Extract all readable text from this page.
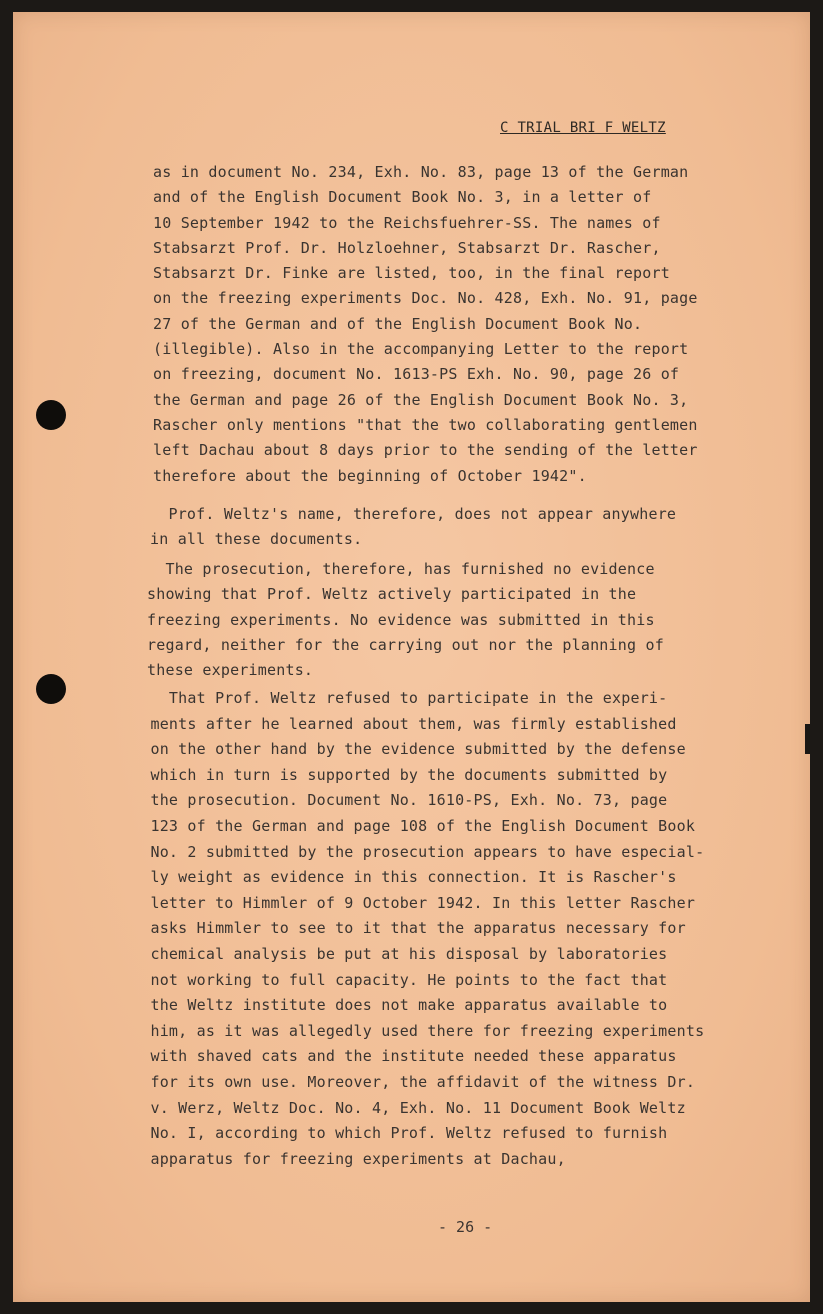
C TRIAL BRI F WELTZ
as in document No. 234, Exh. No. 83, page 13 of the German
and of the English Document Book No. 3, in a letter of
10 September 1942 to the Reichsfuehrer-SS. The names of
Stabsarzt Prof. Dr. Holzloehner, Stabsarzt Dr. Rascher,
Stabsarzt Dr. Finke are listed, too, in the final report
on the freezing experiments Doc. No. 428, Exh. No. 91, page
27 of the German and of the English Document Book No.
(illegible). Also in the accompanying Letter to the report
on freezing, document No. 1613-PS Exh. No. 90, page 26 of
the German and page 26 of the English Document Book No. 3,
Rascher only mentions "that the two collaborating gentlemen
left Dachau about 8 days prior to the sending of the letter
therefore about the beginning of October 1942".
Prof. Weltz's name, therefore, does not appear anywhere
in all these documents.
The prosecution, therefore, has furnished no evidence
showing that Prof. Weltz actively participated in the
freezing experiments. No evidence was submitted in this
regard, neither for the carrying out nor the planning of
these experiments.
That Prof. Weltz refused to participate in the experi-
ments after he learned about them, was firmly established
on the other hand by the evidence submitted by the defense
which in turn is supported by the documents submitted by
the prosecution. Document No. 1610-PS, Exh. No. 73, page
123 of the German and page 108 of the English Document Book
No. 2 submitted by the prosecution appears to have especial-
ly weight as evidence in this connection. It is Rascher's
letter to Himmler of 9 October 1942. In this letter Rascher
asks Himmler to see to it that the apparatus necessary for
chemical analysis be put at his disposal by laboratories
not working to full capacity. He points to the fact that
the Weltz institute does not make apparatus available to
him, as it was allegedly used there for freezing experiments
with shaved cats and the institute needed these apparatus
for its own use. Moreover, the affidavit of the witness Dr.
v. Werz, Weltz Doc. No. 4, Exh. No. 11 Document Book Weltz
No. I, according to which Prof. Weltz refused to furnish
apparatus for freezing experiments at Dachau,
- 26 -
